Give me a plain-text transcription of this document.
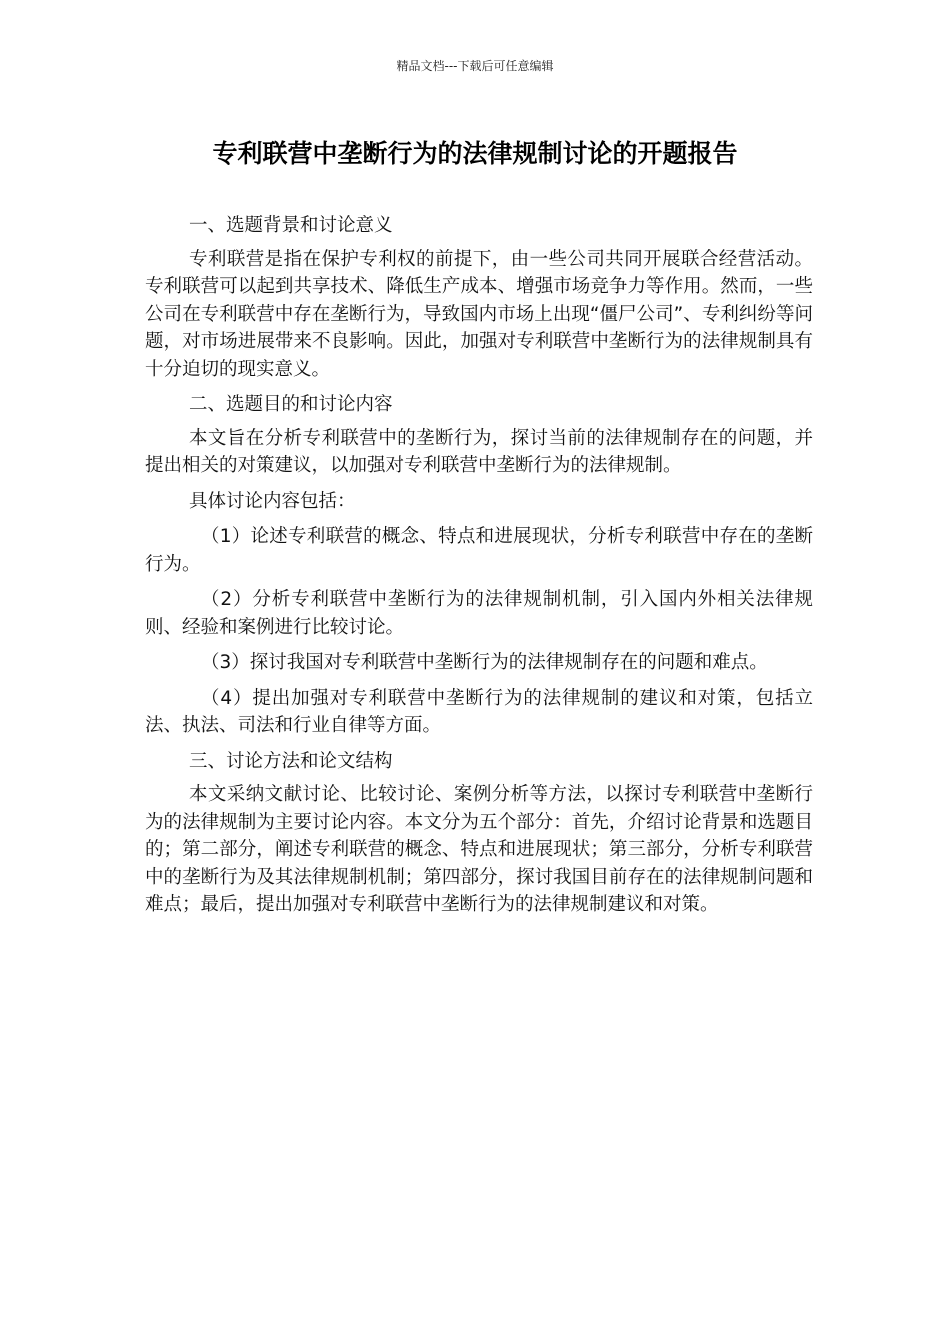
精品文档---下载后可任意编辑
专利联营中垄断行为的法律规制讨论的开题报告

一、选题背景和讨论意义

专利联营是指在保护专利权的前提下，由一些公司共同开展联合经营活动。专利联营可以起到共享技术、降低生产成本、增强市场竞争力等作用。然而，一些公司在专利联营中存在垄断行为，导致国内市场上出现“僵尸公司”、专利纠纷等问题，对市场进展带来不良影响。因此，加强对专利联营中垄断行为的法律规制具有十分迫切的现实意义。

二、选题目的和讨论内容

本文旨在分析专利联营中的垄断行为，探讨当前的法律规制存在的问题，并提出相关的对策建议，以加强对专利联营中垄断行为的法律规制。

具体讨论内容包括：

（1）论述专利联营的概念、特点和进展现状，分析专利联营中存在的垄断行为。

（2）分析专利联营中垄断行为的法律规制机制，引入国内外相关法律规则、经验和案例进行比较讨论。

（3）探讨我国对专利联营中垄断行为的法律规制存在的问题和难点。

（4）提出加强对专利联营中垄断行为的法律规制的建议和对策，包括立法、执法、司法和行业自律等方面。

三、讨论方法和论文结构

本文采纳文献讨论、比较讨论、案例分析等方法，以探讨专利联营中垄断行为的法律规制为主要讨论内容。本文分为五个部分：首先，介绍讨论背景和选题目的；第二部分，阐述专利联营的概念、特点和进展现状；第三部分，分析专利联营中的垄断行为及其法律规制机制；第四部分，探讨我国目前存在的法律规制问题和难点；最后，提出加强对专利联营中垄断行为的法律规制建议和对策。
